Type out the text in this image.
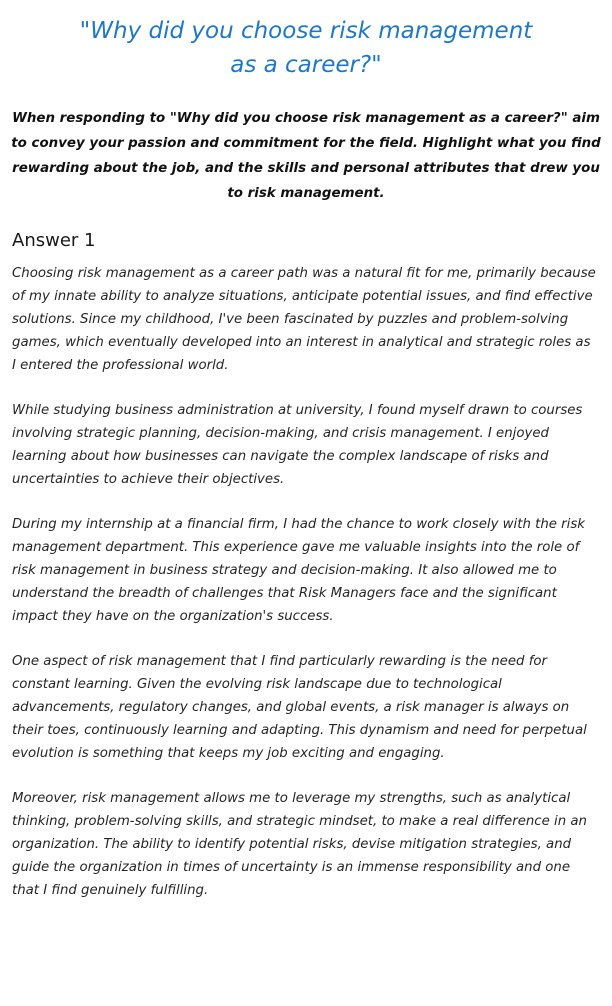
"Why did you choose risk management
as a career?"

When responding to "Why did you choose risk management as a career?" aim to convey your passion and commitment for the field. Highlight what you find rewarding about the job, and the skills and personal attributes that drew you to risk management.

Answer 1

Choosing risk management as a career path was a natural fit for me, primarily because of my innate ability to analyze situations, anticipate potential issues, and find effective solutions. Since my childhood, I've been fascinated by puzzles and problem-solving games, which eventually developed into an interest in analytical and strategic roles as I entered the professional world.

While studying business administration at university, I found myself drawn to courses involving strategic planning, decision-making, and crisis management. I enjoyed learning about how businesses can navigate the complex landscape of risks and uncertainties to achieve their objectives.

During my internship at a financial firm, I had the chance to work closely with the risk management department. This experience gave me valuable insights into the role of risk management in business strategy and decision-making. It also allowed me to understand the breadth of challenges that Risk Managers face and the significant impact they have on the organization's success.

One aspect of risk management that I find particularly rewarding is the need for constant learning. Given the evolving risk landscape due to technological advancements, regulatory changes, and global events, a risk manager is always on their toes, continuously learning and adapting. This dynamism and need for perpetual evolution is something that keeps my job exciting and engaging.

Moreover, risk management allows me to leverage my strengths, such as analytical thinking, problem-solving skills, and strategic mindset, to make a real difference in an organization. The ability to identify potential risks, devise mitigation strategies, and guide the organization in times of uncertainty is an immense responsibility and one that I find genuinely fulfilling.
